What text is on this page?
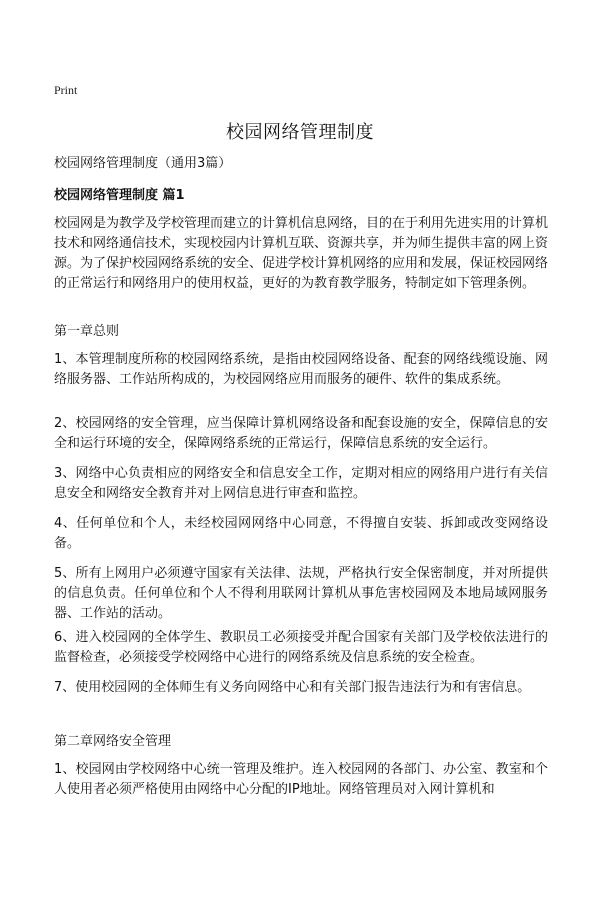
Print
校园网络管理制度
校园网络管理制度（通用3篇）
校园网络管理制度 篇1

校园网是为教学及学校管理而建立的计算机信息网络，目的在于利用先进实用的计算机技术和网络通信技术，实现校园内计算机互联、资源共享，并为师生提供丰富的网上资源。为了保护校园网络系统的安全、促进学校计算机网络的应用和发展，保证校园网络的正常运行和网络用户的使用权益，更好的为教育教学服务，特制定如下管理条例。

第一章总则

1、本管理制度所称的校园网络系统，是指由校园网络设备、配套的网络线缆设施、网络服务器、工作站所构成的，为校园网络应用而服务的硬件、软件的集成系统。

2、校园网络的安全管理，应当保障计算机网络设备和配套设施的安全，保障信息的安全和运行环境的安全，保障网络系统的正常运行，保障信息系统的安全运行。

3、网络中心负责相应的网络安全和信息安全工作，定期对相应的网络用户进行有关信息安全和网络安全教育并对上网信息进行审查和监控。

4、任何单位和个人，未经校园网网络中心同意，不得擅自安装、拆卸或改变网络设备。

5、所有上网用户必须遵守国家有关法律、法规，严格执行安全保密制度，并对所提供的信息负责。任何单位和个人不得利用联网计算机从事危害校园网及本地局域网服务器、工作站的活动。

6、进入校园网的全体学生、教职员工必须接受并配合国家有关部门及学校依法进行的监督检查，必须接受学校网络中心进行的网络系统及信息系统的安全检查。

7、使用校园网的全体师生有义务向网络中心和有关部门报告违法行为和有害信息。

第二章网络安全管理

1、校园网由学校网络中心统一管理及维护。连入校园网的各部门、办公室、教室和个人使用者必须严格使用由网络中心分配的IP地址。网络管理员对入网计算机和
